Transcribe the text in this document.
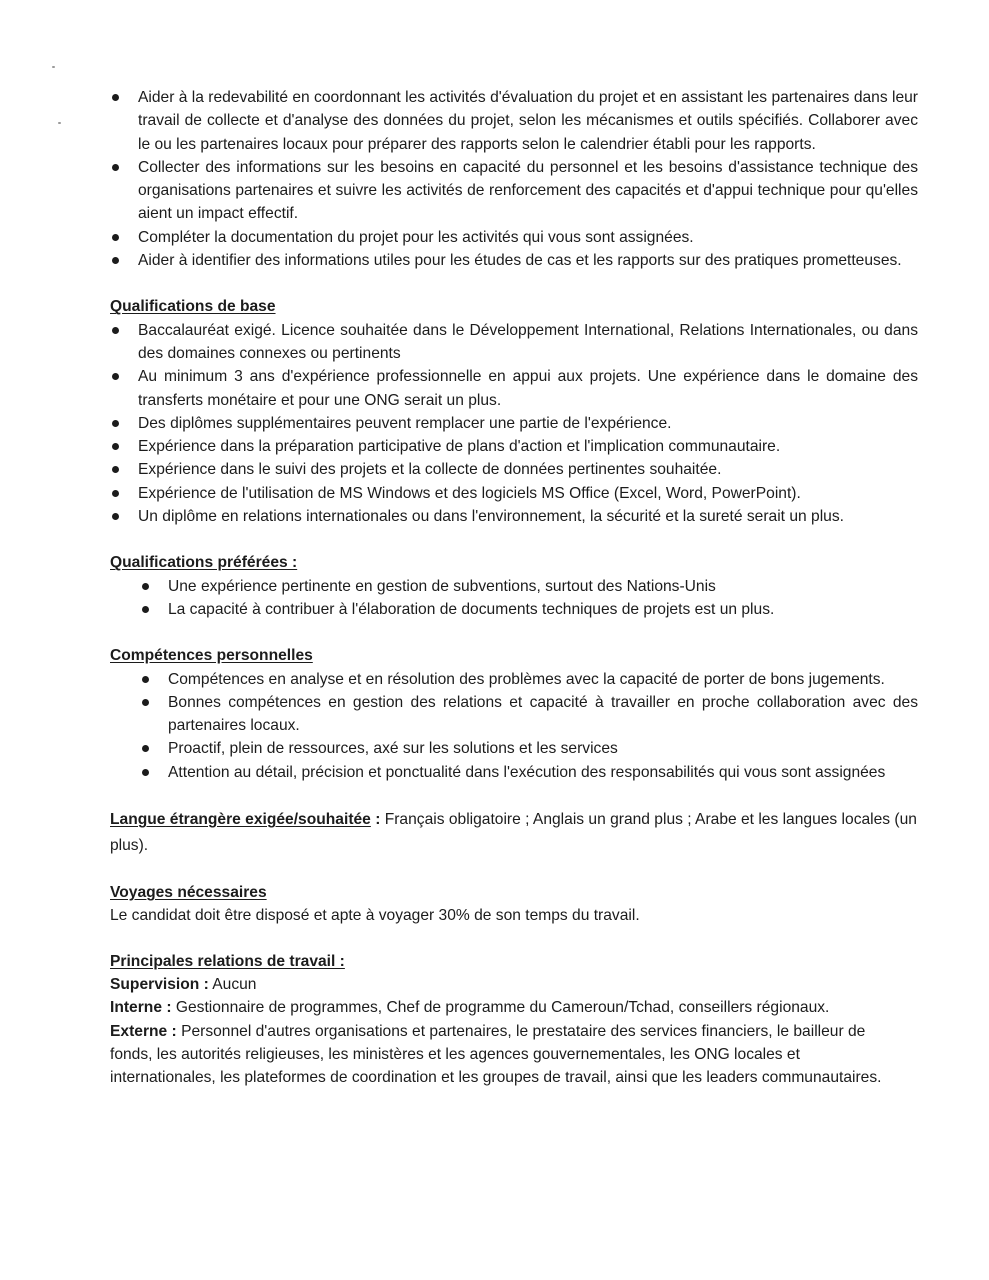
Aider à la redevabilité en coordonnant les activités d'évaluation du projet et en assistant les partenaires dans leur travail de collecte et d'analyse des données du projet, selon les mécanismes et outils spécifiés. Collaborer avec le ou les partenaires locaux pour préparer des rapports selon le calendrier établi pour les rapports.
Collecter des informations sur les besoins en capacité du personnel et les besoins d'assistance technique des organisations partenaires et suivre les activités de renforcement des capacités et d'appui technique pour qu'elles aient un impact effectif.
Compléter la documentation du projet pour les activités qui vous sont assignées.
Aider à identifier des informations utiles pour les études de cas et les rapports sur des pratiques prometteuses.
Qualifications de base
Baccalauréat exigé. Licence souhaitée dans le Développement International, Relations Internationales, ou dans des domaines connexes ou pertinents
Au minimum 3 ans d'expérience professionnelle en appui aux projets. Une expérience dans le domaine des transferts monétaire et pour une ONG serait un plus.
Des diplômes supplémentaires peuvent remplacer une partie de l'expérience.
Expérience dans la préparation participative de plans d'action et l'implication communautaire.
Expérience dans le suivi des projets et la collecte de données pertinentes souhaitée.
Expérience de l'utilisation de MS Windows et des logiciels MS Office (Excel, Word, PowerPoint).
Un diplôme en relations internationales ou dans l'environnement, la sécurité et la sureté serait un plus.
Qualifications préférées :
Une expérience pertinente en gestion de subventions, surtout des Nations-Unis
La capacité à contribuer à l'élaboration de documents techniques de projets est un plus.
Compétences personnelles
Compétences en analyse et en résolution des problèmes avec la capacité de porter de bons jugements.
Bonnes compétences en gestion des relations et capacité à travailler en proche collaboration avec des partenaires locaux.
Proactif, plein de ressources, axé sur les solutions et les services
Attention au détail, précision et ponctualité dans l'exécution des responsabilités qui vous sont assignées

Langue étrangère exigée/souhaitée : Français obligatoire ; Anglais un grand plus ; Arabe et les langues locales (un plus).

Voyages nécessaires

Le candidat doit être disposé et apte à voyager 30% de son temps du travail.

Principales relations de travail :

Supervision : Aucun

Interne : Gestionnaire de programmes, Chef de programme du Cameroun/Tchad, conseillers régionaux.

Externe : Personnel d'autres organisations et partenaires, le prestataire des services financiers, le bailleur de fonds, les autorités religieuses, les ministères et les agences gouvernementales, les ONG locales et internationales, les plateformes de coordination et les groupes de travail, ainsi que les leaders communautaires.
